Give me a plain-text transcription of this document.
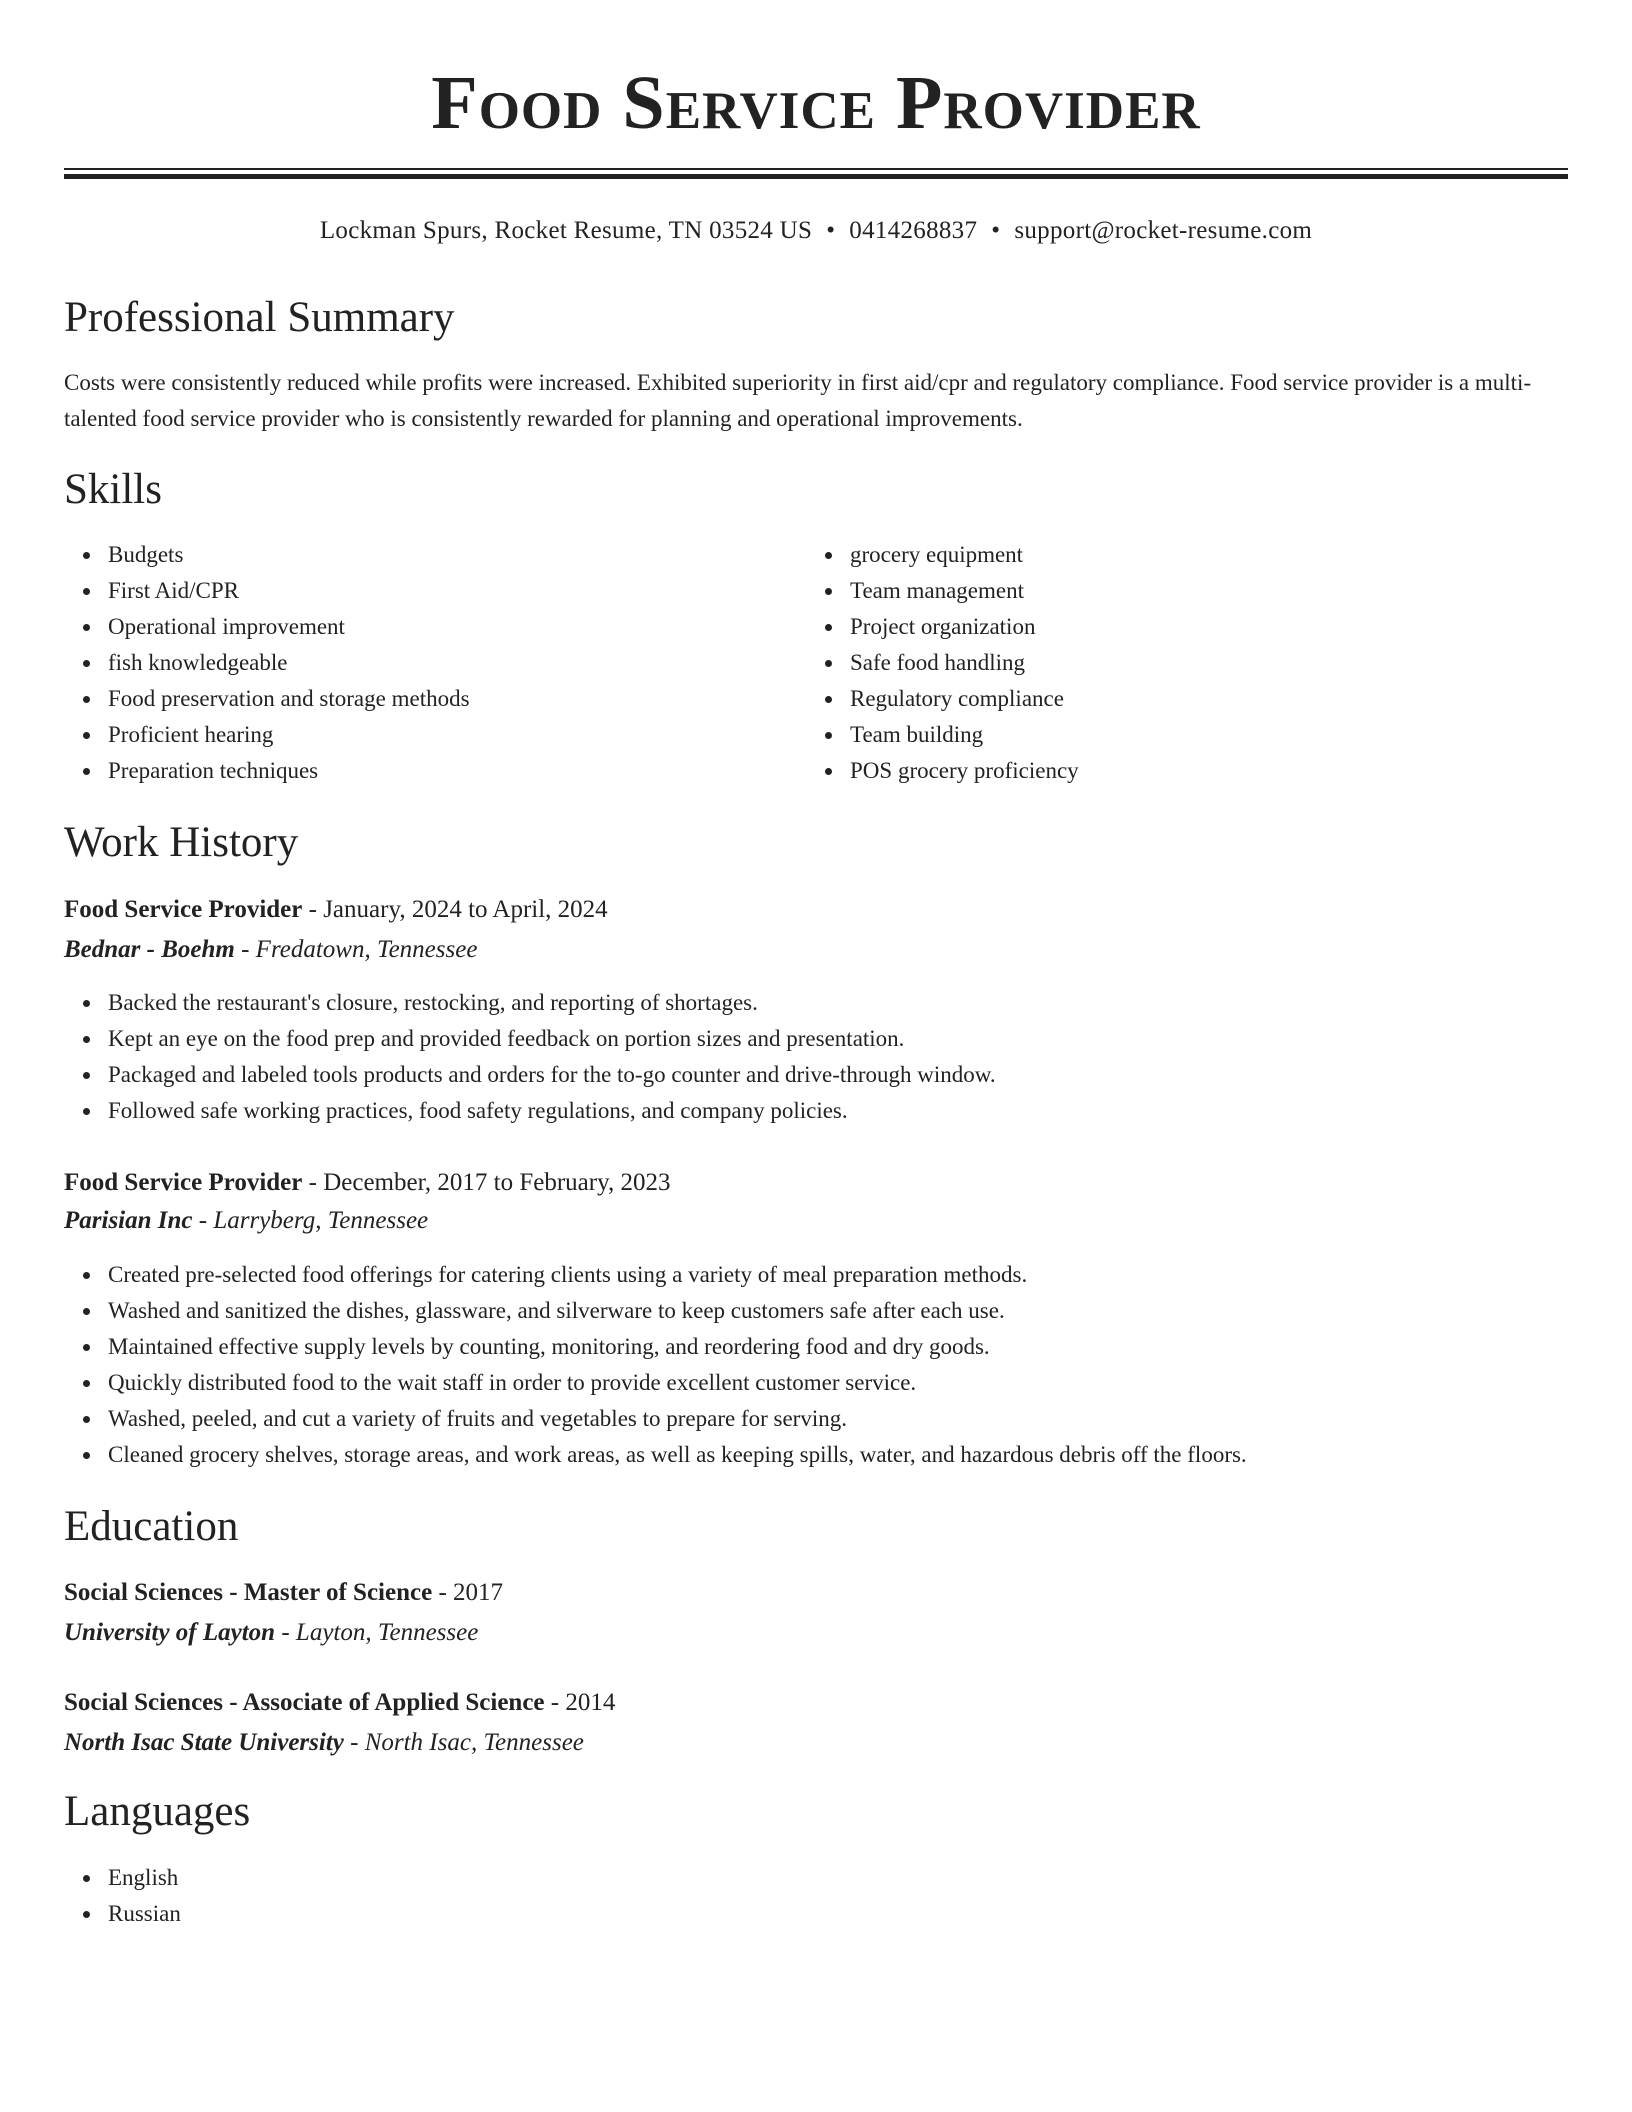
Food Service Provider
Lockman Spurs, Rocket Resume, TN 03524 US • 0414268837 • support@rocket-resume.com
Professional Summary

Costs were consistently reduced while profits were increased. Exhibited superiority in first aid/cpr and regulatory compliance. Food service provider is a multi-talented food service provider who is consistently rewarded for planning and operational improvements.

Skills
Budgets
First Aid/CPR
Operational improvement
fish knowledgeable
Food preservation and storage methods
Proficient hearing
Preparation techniques
grocery equipment
Team management
Project organization
Safe food handling
Regulatory compliance
Team building
POS grocery proficiency
Work History
Food Service Provider - January, 2024 to April, 2024
Bednar - Boehm - Fredatown, Tennessee
Backed the restaurant's closure, restocking, and reporting of shortages.
Kept an eye on the food prep and provided feedback on portion sizes and presentation.
Packaged and labeled tools products and orders for the to-go counter and drive-through window.
Followed safe working practices, food safety regulations, and company policies.
Food Service Provider - December, 2017 to February, 2023
Parisian Inc - Larryberg, Tennessee
Created pre-selected food offerings for catering clients using a variety of meal preparation methods.
Washed and sanitized the dishes, glassware, and silverware to keep customers safe after each use.
Maintained effective supply levels by counting, monitoring, and reordering food and dry goods.
Quickly distributed food to the wait staff in order to provide excellent customer service.
Washed, peeled, and cut a variety of fruits and vegetables to prepare for serving.
Cleaned grocery shelves, storage areas, and work areas, as well as keeping spills, water, and hazardous debris off the floors.
Education
Social Sciences - Master of Science - 2017
University of Layton - Layton, Tennessee
Social Sciences - Associate of Applied Science - 2014
North Isac State University - North Isac, Tennessee
Languages
English
Russian
